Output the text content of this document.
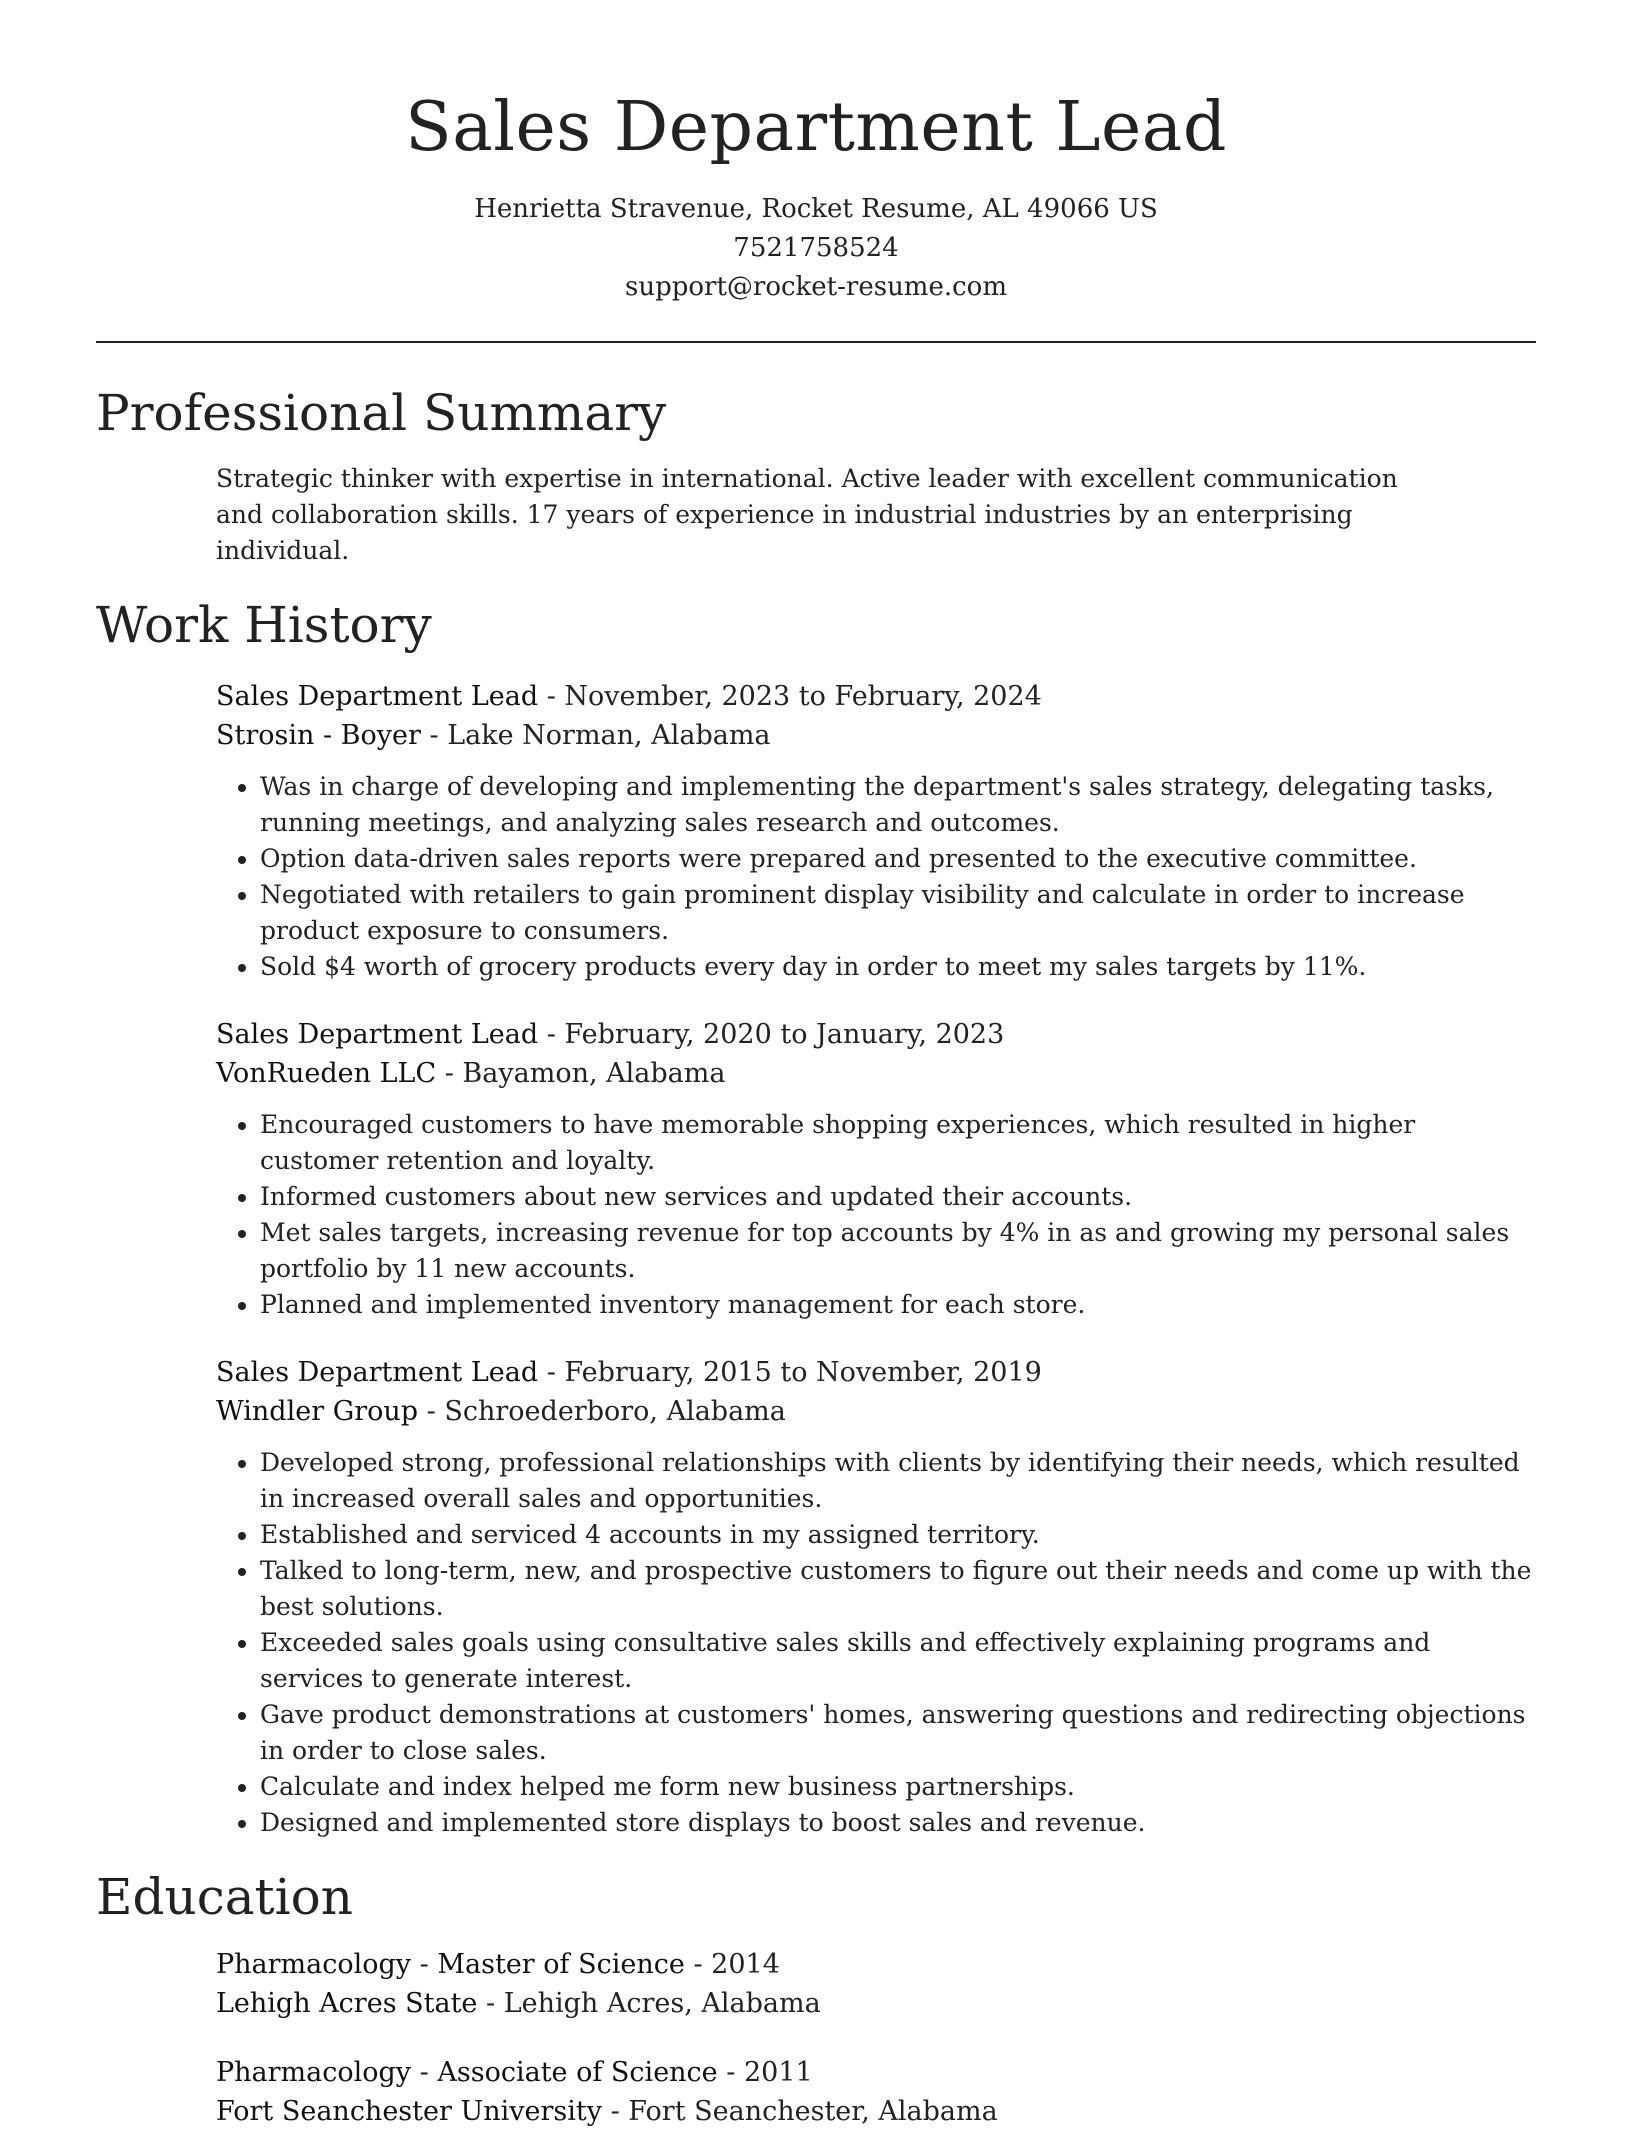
Sales Department Lead
Henrietta Stravenue, Rocket Resume, AL 49066 US
7521758524
support@rocket-resume.com
Professional Summary
Strategic thinker with expertise in international. Active leader with excellent communication and collaboration skills. 17 years of experience in industrial industries by an enterprising individual.
Work History
Sales Department Lead - November, 2023 to February, 2024
Strosin - Boyer - Lake Norman, Alabama
• Was in charge of developing and implementing the department's sales strategy, delegating tasks, running meetings, and analyzing sales research and outcomes.
• Option data-driven sales reports were prepared and presented to the executive committee.
• Negotiated with retailers to gain prominent display visibility and calculate in order to increase product exposure to consumers.
• Sold $4 worth of grocery products every day in order to meet my sales targets by 11%.
Sales Department Lead - February, 2020 to January, 2023
VonRueden LLC - Bayamon, Alabama
• Encouraged customers to have memorable shopping experiences, which resulted in higher customer retention and loyalty.
• Informed customers about new services and updated their accounts.
• Met sales targets, increasing revenue for top accounts by 4% in as and growing my personal sales portfolio by 11 new accounts.
• Planned and implemented inventory management for each store.
Sales Department Lead - February, 2015 to November, 2019
Windler Group - Schroederboro, Alabama
• Developed strong, professional relationships with clients by identifying their needs, which resulted in increased overall sales and opportunities.
• Established and serviced 4 accounts in my assigned territory.
• Talked to long-term, new, and prospective customers to figure out their needs and come up with the best solutions.
• Exceeded sales goals using consultative sales skills and effectively explaining programs and services to generate interest.
• Gave product demonstrations at customers' homes, answering questions and redirecting objections in order to close sales.
• Calculate and index helped me form new business partnerships.
• Designed and implemented store displays to boost sales and revenue.
Education
Pharmacology - Master of Science - 2014
Lehigh Acres State - Lehigh Acres, Alabama
Pharmacology - Associate of Science - 2011
Fort Seanchester University - Fort Seanchester, Alabama
